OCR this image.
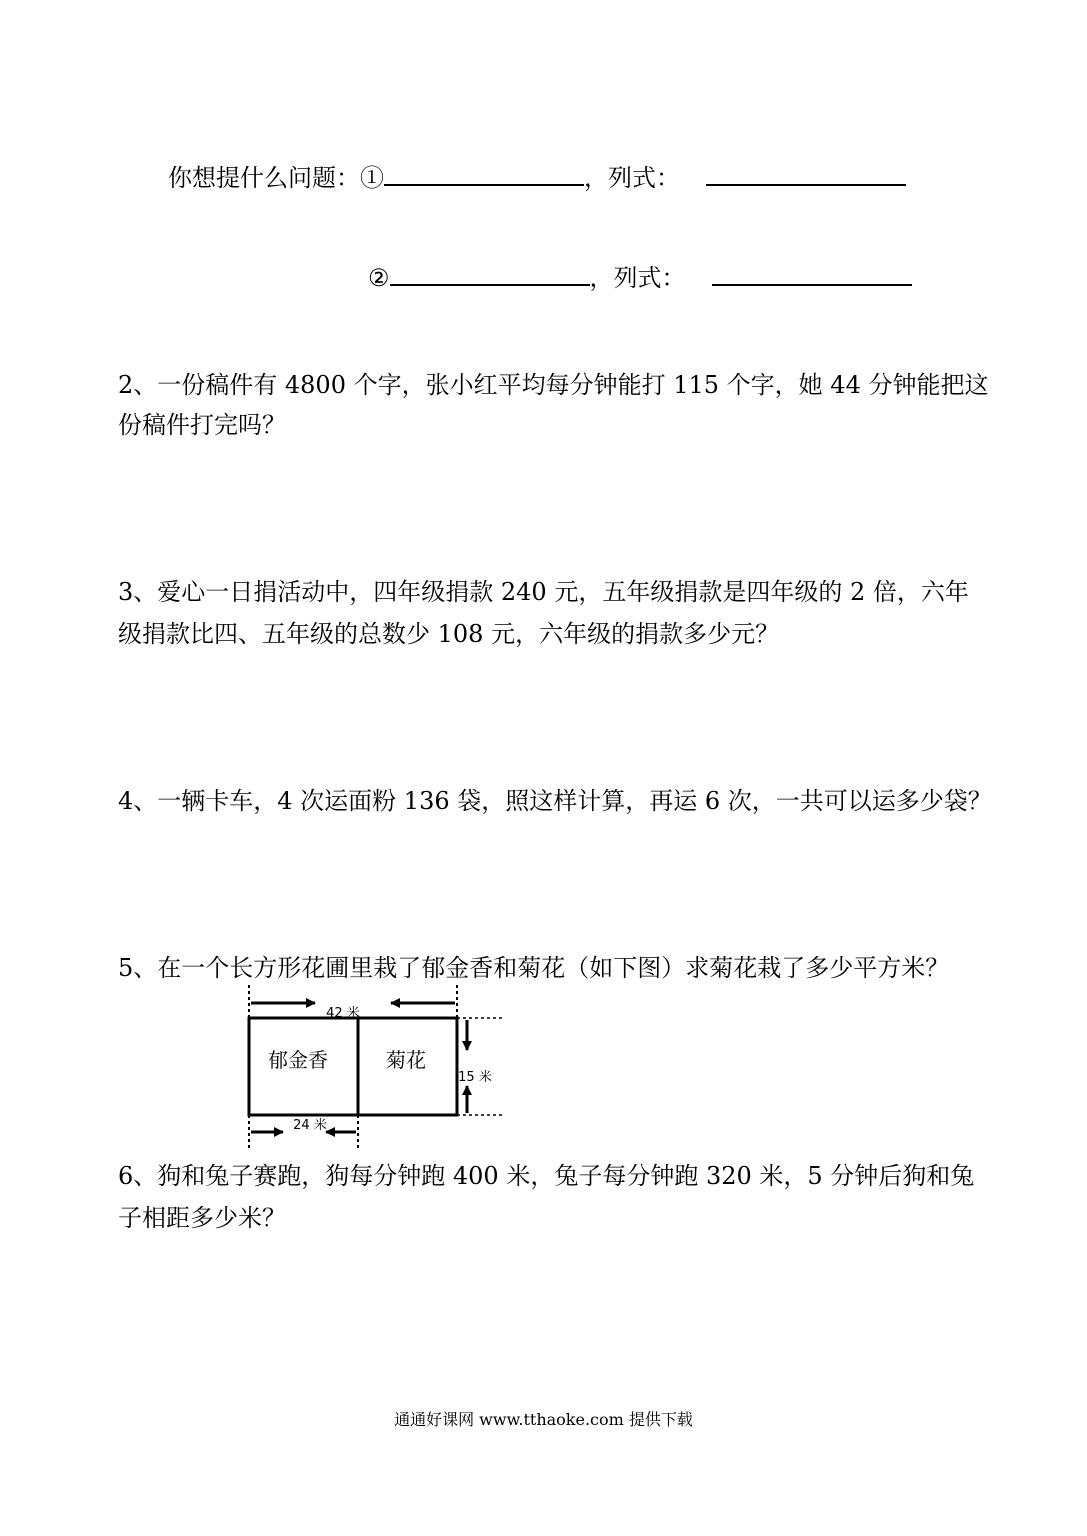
你想提什么问题：①	，列式：
②	，列式：
2、一份稿件有 4800 个字，张小红平均每分钟能打 115 个字，她 44 分钟能把这
份稿件打完吗？
3、爱心一日捐活动中，四年级捐款 240 元，五年级捐款是四年级的 2 倍，六年
级捐款比四、五年级的总数少 108 元，六年级的捐款多少元？
4、一辆卡车，4 次运面粉 136 袋，照这样计算，再运 6 次，一共可以运多少袋？
5、在一个长方形花圃里栽了郁金香和菊花（如下图）求菊花栽了多少平方米？
42 米
24 米
15 米
郁金香	菊花
6、狗和兔子赛跑，狗每分钟跑 400 米，兔子每分钟跑 320 米，5 分钟后狗和兔
子相距多少米？
通通好课网 www.tthaoke.com 提供下载
